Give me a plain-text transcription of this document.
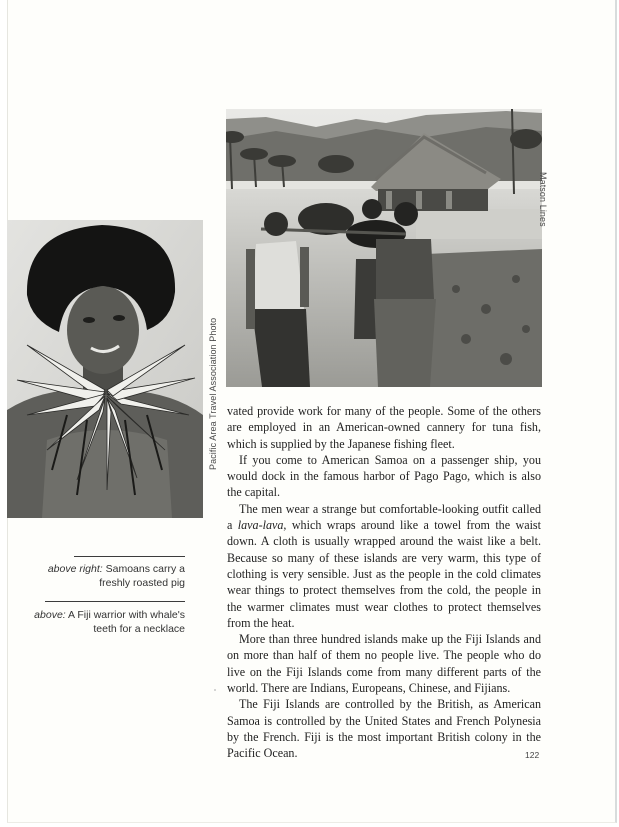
Matson Lines
Pacific Area Travel Association Photo
above right: Samoans carry a freshly roasted pig
above: A Fiji warrior with whale's teeth for a necklace

vated provide work for many of the people. Some of the others are employed in an American-owned cannery for tuna fish, which is supplied by the Japanese fishing fleet.

If you come to American Samoa on a passenger ship, you would dock in the famous harbor of Pago Pago, which is also the capital.

The men wear a strange but comfortable-looking outfit called a lava-lava, which wraps around like a towel from the waist down. A cloth is usually wrapped around the waist like a belt. Because so many of these islands are very warm, this type of clothing is very sensible. Just as the people in the cold climates wear things to protect themselves from the cold, the people in the warmer climates must wear clothes to protect themselves from the heat.

More than three hundred islands make up the Fiji Islands and on more than half of them no people live. The people who do live on the Fiji Islands come from many different parts of the world. There are Indians, Europeans, Chinese, and Fijians.

The Fiji Islands are controlled by the British, as American Samoa is controlled by the United States and French Polynesia by the French. Fiji is the most important British colony in the Pacific Ocean.	122
